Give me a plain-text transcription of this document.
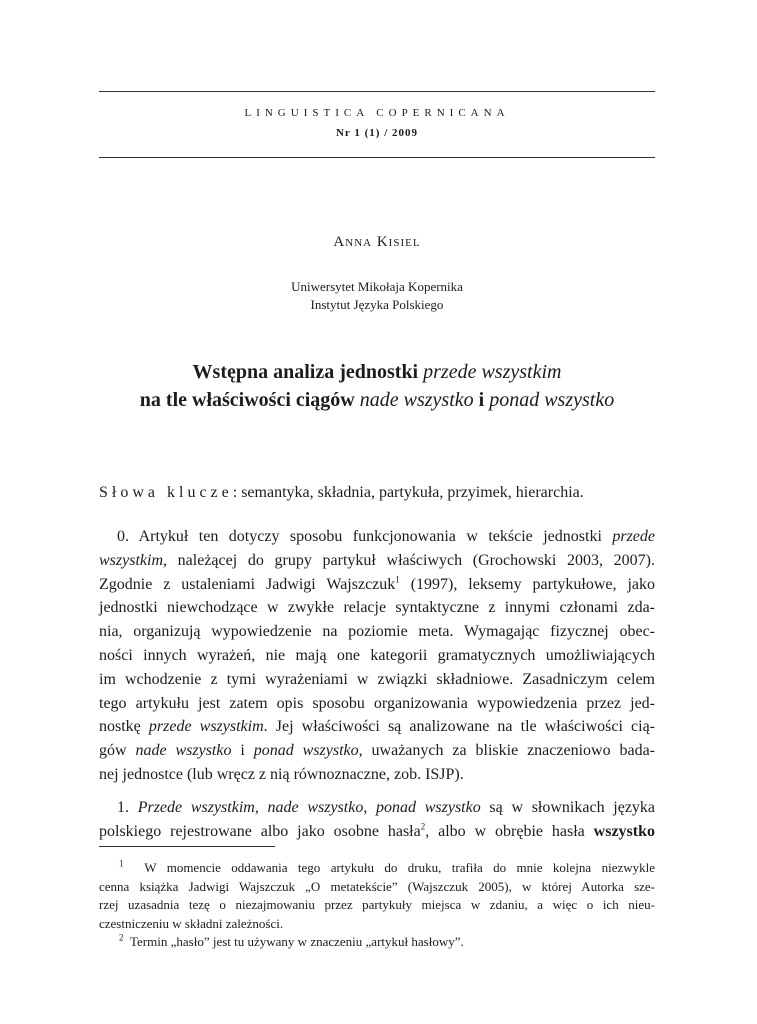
LINGUISTICA COPERNICANA
Nr 1 (1) / 2009
Anna Kisiel
Uniwersytet Mikołaja Kopernika
Instytut Języka Polskiego
Wstępna analiza jednostki przede wszystkim
na tle właściwości ciągów nade wszystko i ponad wszystko
Słowa klucze: semantyka, składnia, partykuła, przyimek, hierarchia.
0. Artykuł ten dotyczy sposobu funkcjonowania w tekście jednostki przede
wszystkim, należącej do grupy partykuł właściwych (Grochowski 2003, 2007).
Zgodnie z ustaleniami Jadwigi Wajszczuk$^1$ (1997), leksemy partykułowe, jako
jednostki niewchodzące w zwykłe relacje syntaktyczne z innymi członami zda-
nia, organizują wypowiedzenie na poziomie meta. Wymagając fizycznej obec-
ności innych wyrażeń, nie mają one kategorii gramatycznych umożliwiających
im wchodzenie z tymi wyrażeniami w związki składniowe. Zasadniczym celem
tego artykułu jest zatem opis sposobu organizowania wypowiedzenia przez jed-
nostkę przede wszystkim. Jej właściwości są analizowane na tle właściwości cią-
gów nade wszystko i ponad wszystko, uważanych za bliskie znaczeniowo bada-
nej jednostce (lub wręcz z nią równoznaczne, zob. ISJP).
1. Przede wszystkim, nade wszystko, ponad wszystko są w słownikach języka
polskiego rejestrowane albo jako osobne hasła$^2$, albo w obrębie hasła wszystko
$^1$ W momencie oddawania tego artykułu do druku, trafiła do mnie kolejna niezwykle
cenna książka Jadwigi Wajszczuk „O metatekście” (Wajszczuk 2005), w której Autorka sze-
rzej uzasadnia tezę o niezajmowaniu przez partykuły miejsca w zdaniu, a więc o ich nieu-
czestniczeniu w składni zależności.
$^2$ Termin „hasło” jest tu używany w znaczeniu „artykuł hasłowy”.
